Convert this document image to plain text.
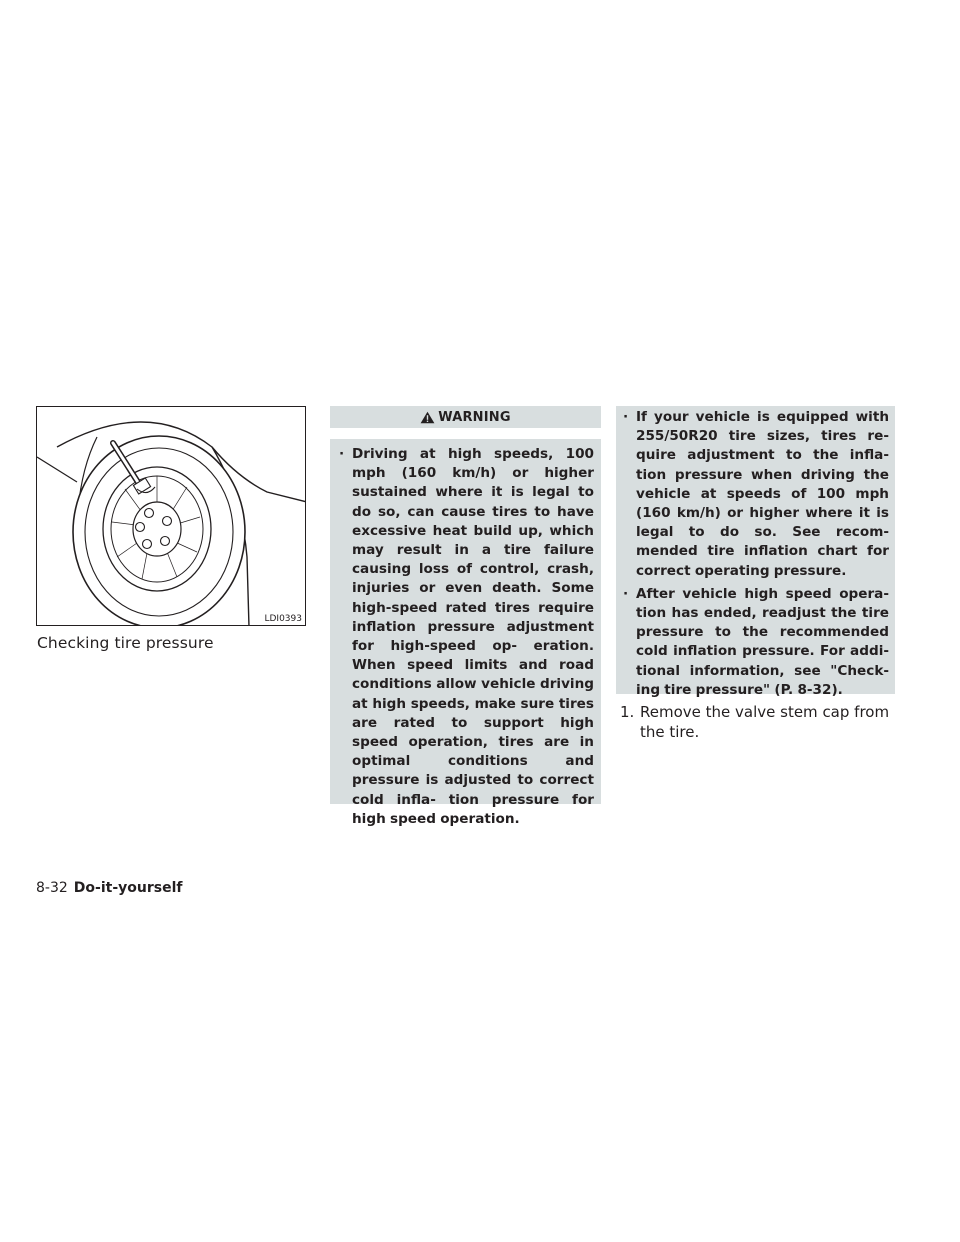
LDI0393
Checking tire pressure
WARNING
· Driving at high speeds, 100 mph (160 km/h) or higher sustained where it is legal to do so, can cause tires to have excessive heat build up, which may result in a tire failure causing loss of control, crash, injuries or even death. Some high-speed rated tires require inflation pressure adjustment for high-speed op- eration. When speed limits and road conditions allow vehicle driving at high speeds, make sure tires are rated to support high speed operation, tires are in optimal conditions and pressure is adjusted to correct cold infla- tion pressure for high speed operation.
· If your vehicle is equipped with 255/50R20 tire sizes, tires re- quire adjustment to the infla- tion pressure when driving the vehicle at speeds of 100 mph (160 km/h) or higher where it is legal to do so. See recom- mended tire inflation chart for correct operating pressure.
· After vehicle high speed opera- tion has ended, readjust the tire pressure to the recommended cold inflation pressure. For addi- tional information, see "Check- ing tire pressure" (P. 8-32).
1. Remove the valve stem cap from the tire.
8-32 Do-it-yourself
